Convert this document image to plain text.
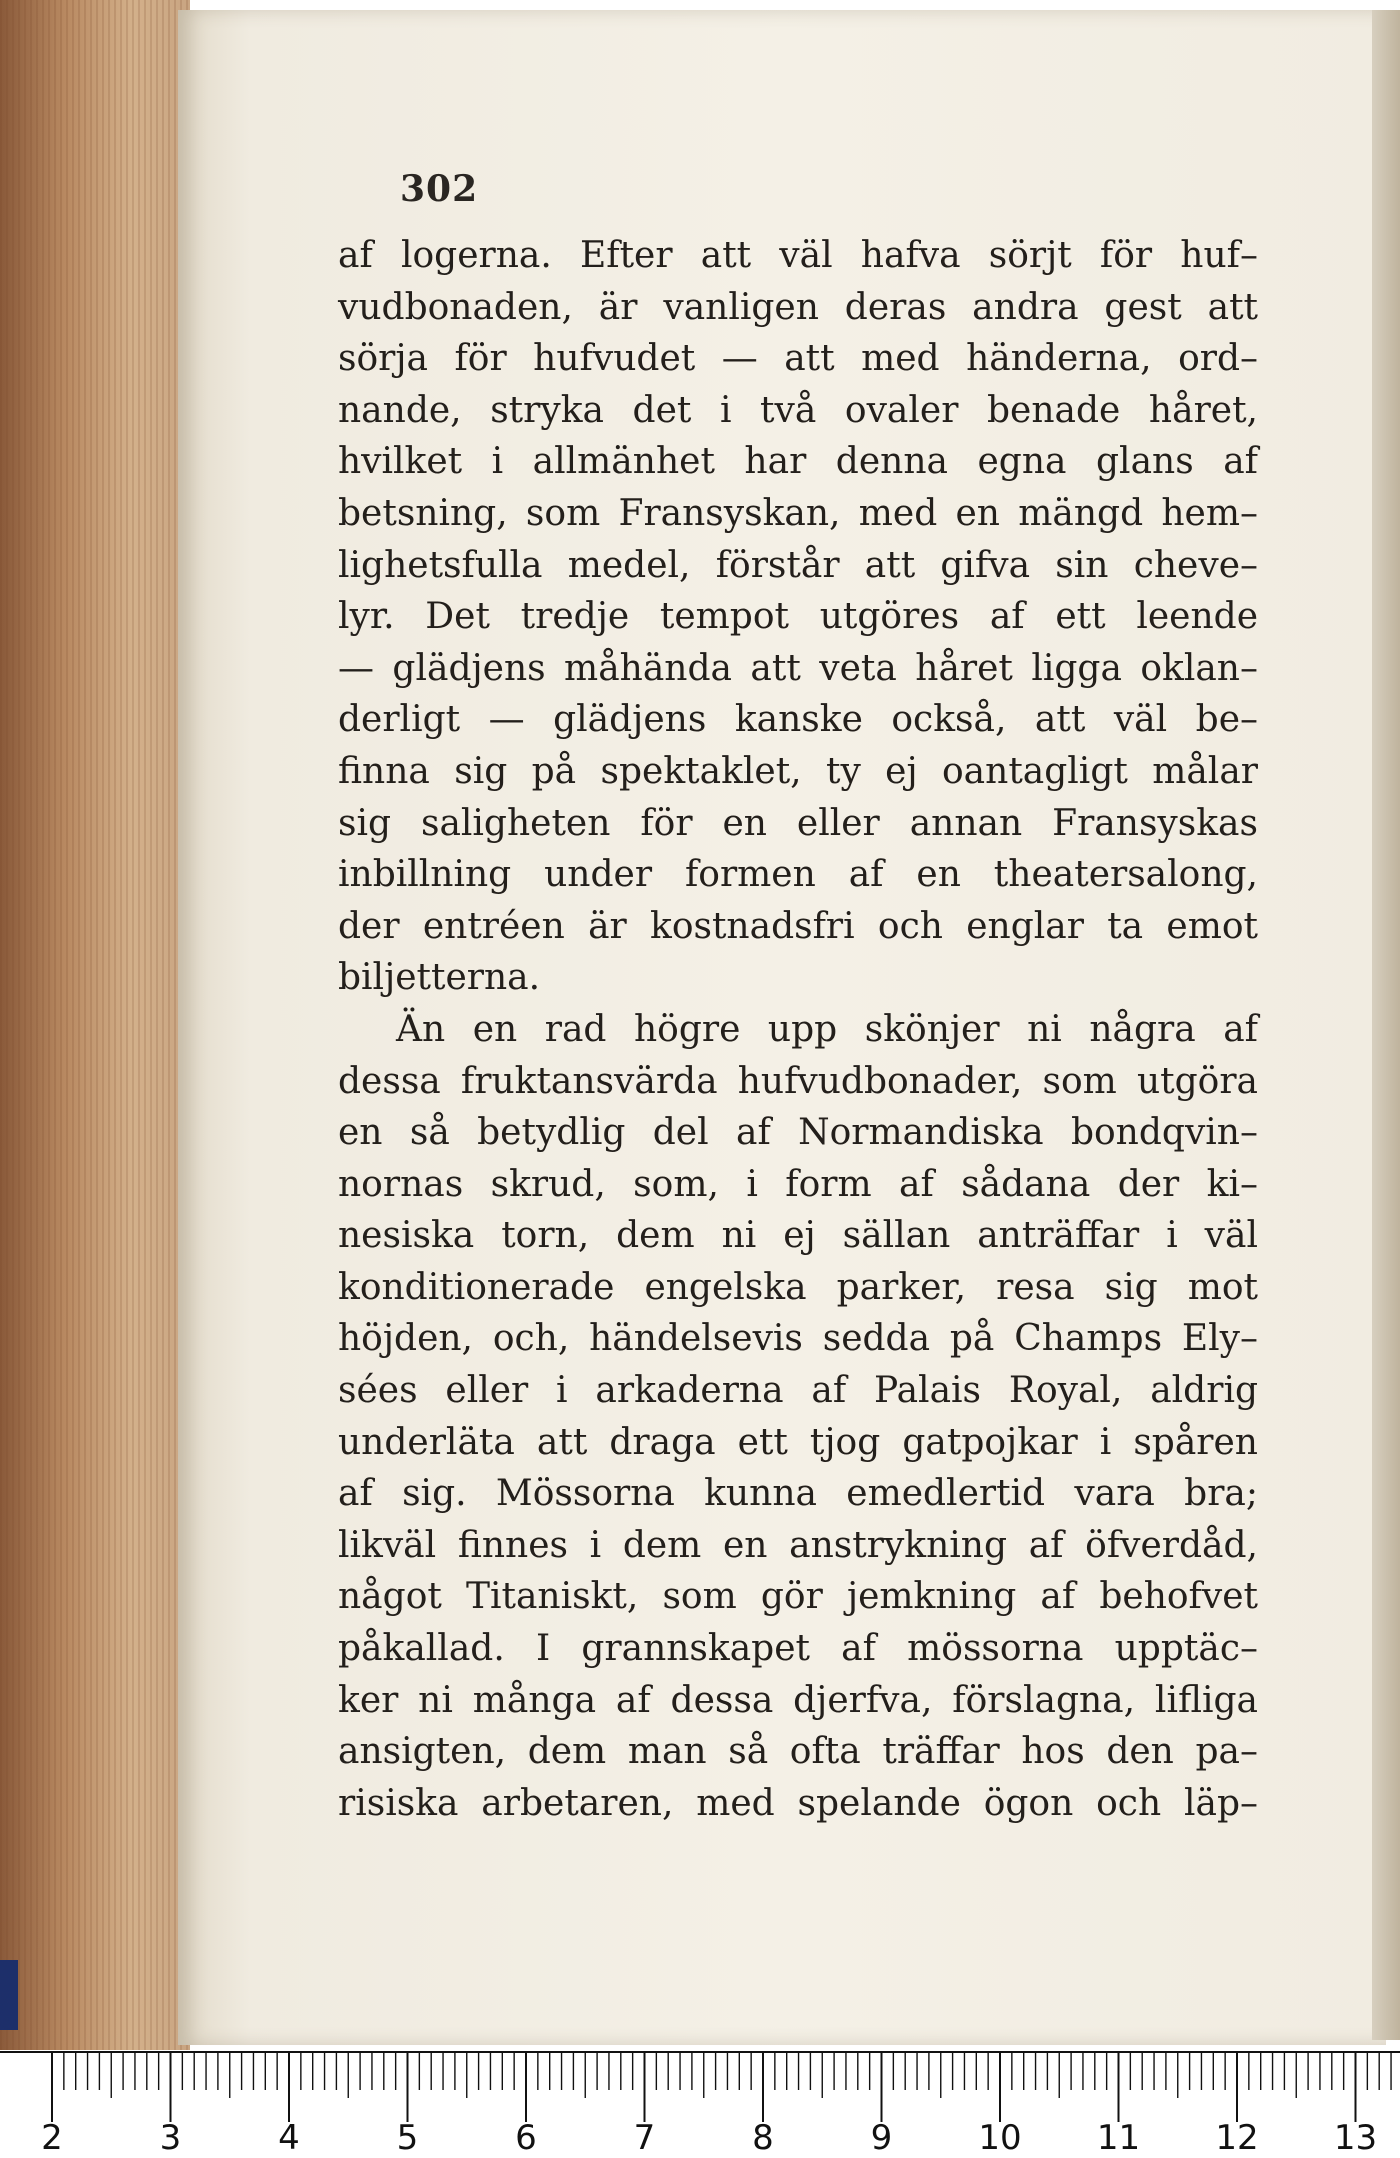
302
af logerna. Efter att väl hafva sörjt för huf–
vudbonaden, är vanligen deras andra gest att
sörja för hufvudet — att med händerna, ord–
nande, stryka det i två ovaler benade håret,
hvilket i allmänhet har denna egna glans af
betsning, som Fransyskan, med en mängd hem–
lighetsfulla medel, förstår att gifva sin cheve–
lyr. Det tredje tempot utgöres af ett leende
— glädjens måhända att veta håret ligga oklan–
derligt — glädjens kanske också, att väl be–
finna sig på spektaklet, ty ej oantagligt målar
sig saligheten för en eller annan Fransyskas
inbillning under formen af en theatersalong,
der entréen är kostnadsfri och englar ta emot
biljetterna.
Än en rad högre upp skönjer ni några af
dessa fruktansvärda hufvudbonader, som utgöra
en så betydlig del af Normandiska bondqvin–
nornas skrud, som, i form af sådana der ki–
nesiska torn, dem ni ej sällan anträffar i väl
konditionerade engelska parker, resa sig mot
höjden, och, händelsevis sedda på Champs Ely–
sées eller i arkaderna af Palais Royal, aldrig
underläta att draga ett tjog gatpojkar i spåren
af sig. Mössorna kunna emedlertid vara bra;
likväl finnes i dem en anstrykning af öfverdåd,
något Titaniskt, som gör jemkning af behofvet
påkallad. I grannskapet af mössorna upptäc–
ker ni många af dessa djerfva, förslagna, lifliga
ansigten, dem man så ofta träffar hos den pa–
risiska arbetaren, med spelande ögon och läp–
2	3	4	5	6	7	8	9	10 11 12 13
